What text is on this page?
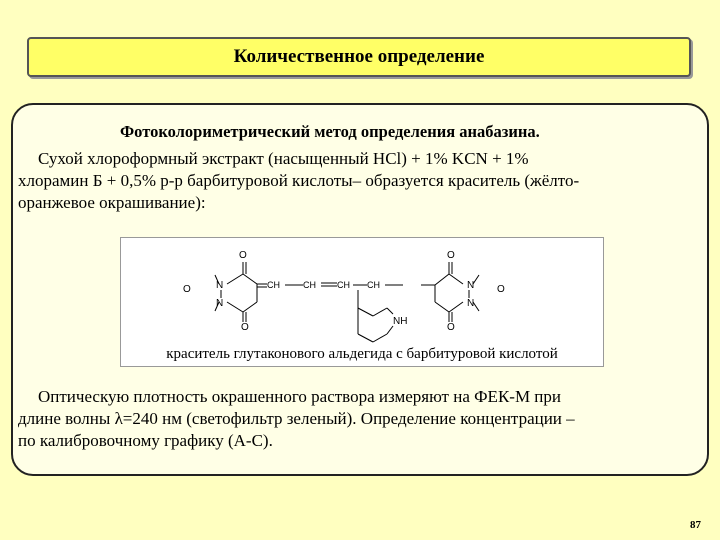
Количественное определение
Фотоколориметрический метод определения анабазина.
Сухой хлороформный экстракт (насыщенный HCl) + 1% KCN + 1%
хлорамин Б + 0,5% р-р барбитуровой кислоты– образуется краситель (жёлто-
оранжевое окрашивание):
O
N
O
N
O
CH	CH CH CH
O
N O
N
O
NH
краситель глутаконового альдегида с барбитуровой кислотой
Оптическую плотность окрашенного раствора измеряют на ФЕК-М при
длине волны λ=240 нм (светофильтр зеленый). Определение концентрации –
по калибровочному графику (А-С).
87
